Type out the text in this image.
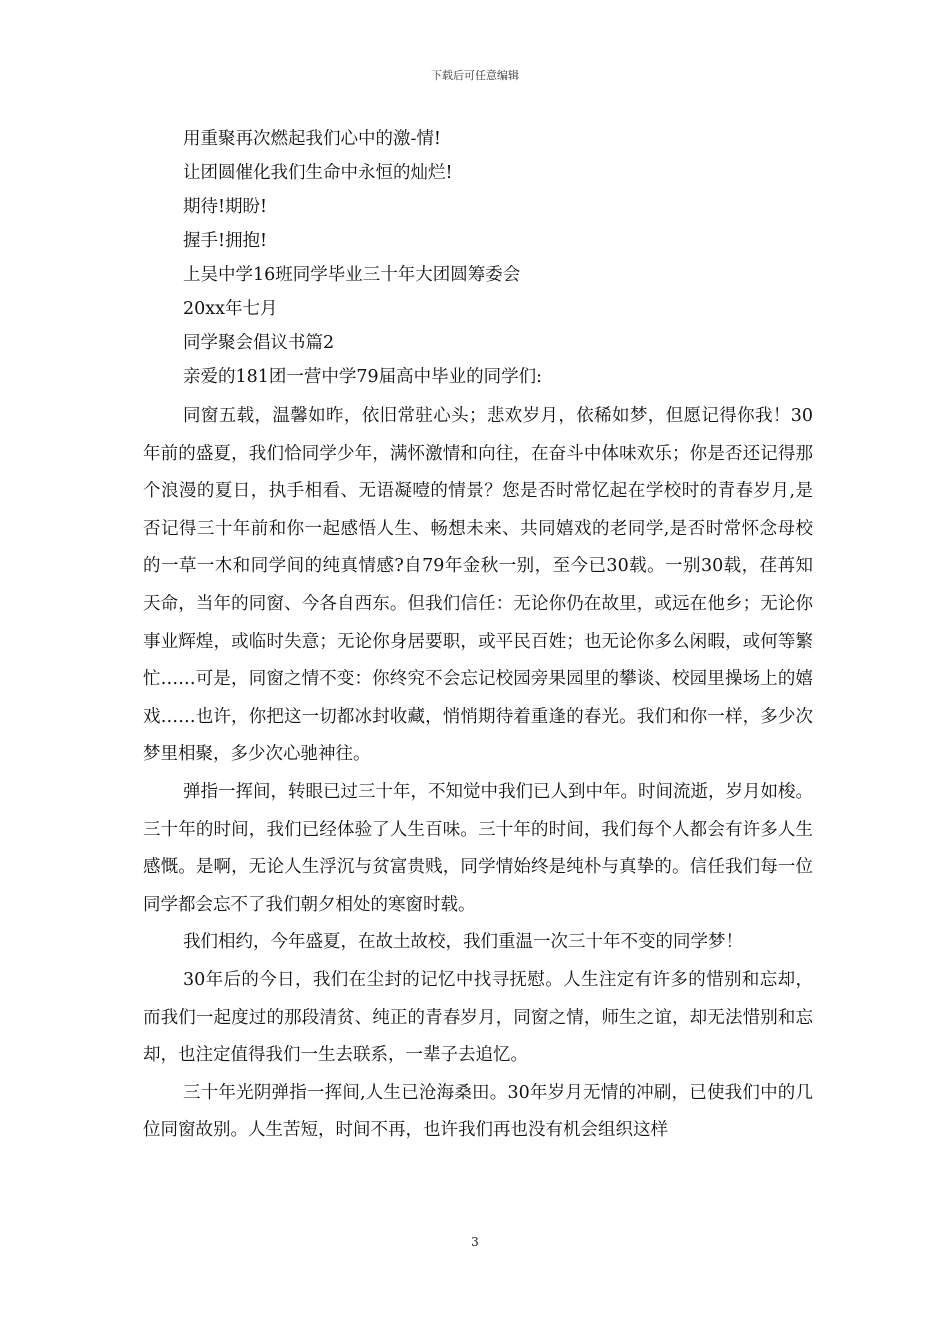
下载后可任意编辑
用重聚再次燃起我们心中的激-情!
让团圆催化我们生命中永恒的灿烂!
期待!期盼!
握手!拥抱!
上吴中学16班同学毕业三十年大团圆筹委会
20xx年七月
同学聚会倡议书篇2
亲爱的181团一营中学79届高中毕业的同学们:

同窗五载，温馨如昨，依旧常驻心头；悲欢岁月，依稀如梦，但愿记得你我！30年前的盛夏，我们恰同学少年，满怀激情和向往，在奋斗中体味欢乐；你是否还记得那个浪漫的夏日，执手相看、无语凝噎的情景？您是否时常忆起在学校时的青春岁月,是否记得三十年前和你一起感悟人生、畅想未来、共同嬉戏的老同学,是否时常怀念母校的一草一木和同学间的纯真情感?自79年金秋一别，至今已30载。一别30载，荏苒知天命，当年的同窗、今各自西东。但我们信任：无论你仍在故里，或远在他乡；无论你事业辉煌，或临时失意；无论你身居要职，或平民百姓；也无论你多么闲暇，或何等繁忙……可是，同窗之情不变：你终究不会忘记校园旁果园里的攀谈、校园里操场上的嬉戏……也许，你把这一切都冰封收藏，悄悄期待着重逢的春光。我们和你一样，多少次梦里相聚，多少次心驰神往。

弹指一挥间，转眼已过三十年，不知觉中我们已人到中年。时间流逝，岁月如梭。三十年的时间，我们已经体验了人生百味。三十年的时间，我们每个人都会有许多人生感慨。是啊，无论人生浮沉与贫富贵贱，同学情始终是纯朴与真挚的。信任我们每一位同学都会忘不了我们朝夕相处的寒窗时载。

我们相约，今年盛夏，在故土故校，我们重温一次三十年不变的同学梦！

30年后的今日，我们在尘封的记忆中找寻抚慰。人生注定有许多的惜别和忘却，而我们一起度过的那段清贫、纯正的青春岁月，同窗之情，师生之谊，却无法惜别和忘却，也注定值得我们一生去联系，一辈子去追忆。

三十年光阴弹指一挥间,人生已沧海桑田。30年岁月无情的冲刷，已使我们中的几位同窗故别。人生苦短，时间不再，也许我们再也没有机会组织这样

3
